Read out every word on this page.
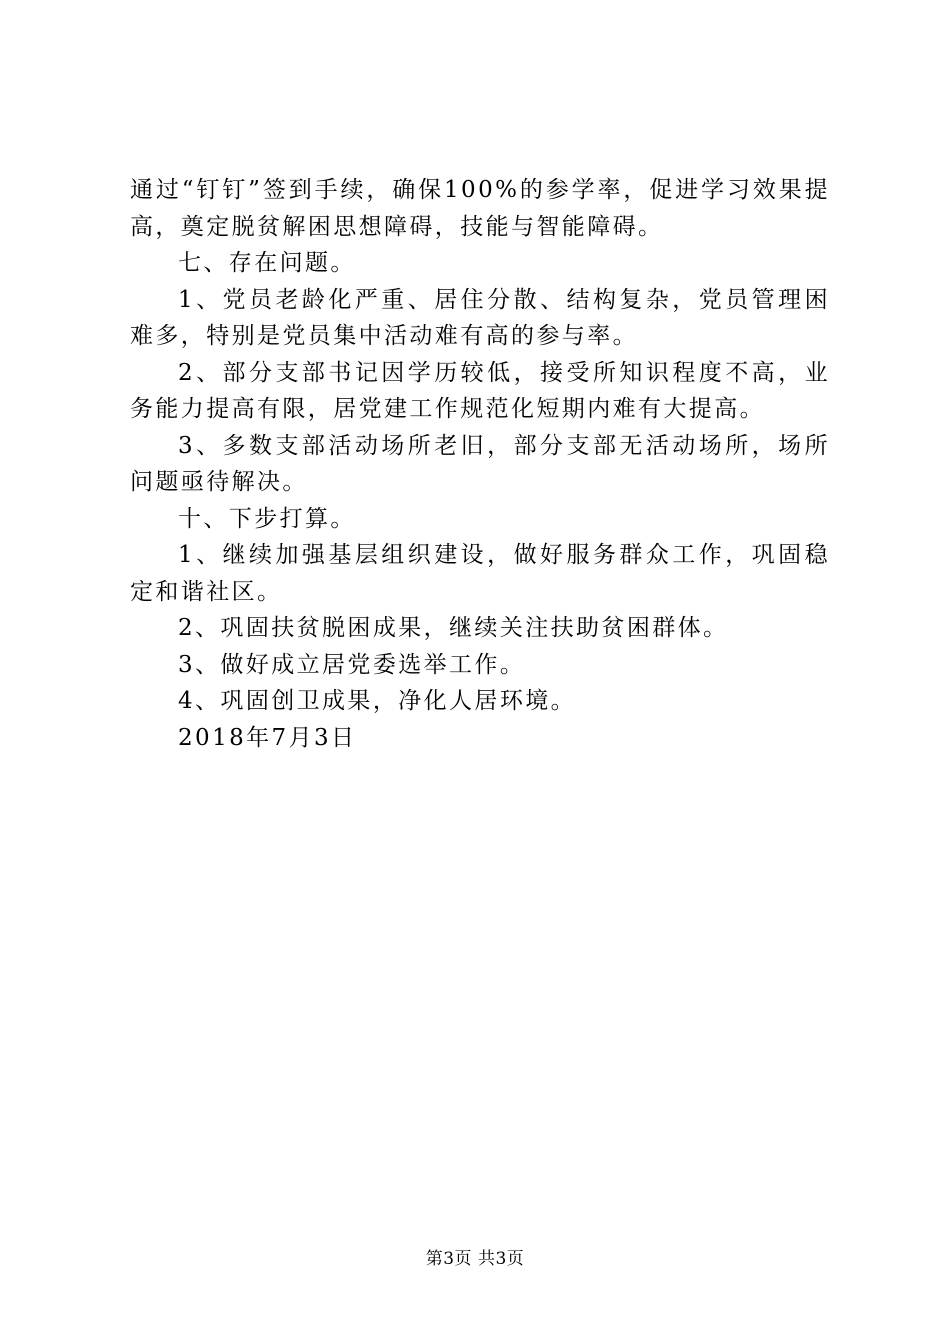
通过“钉钉”签到手续，确保100%的参学率，促进学习效果提高，奠定脱贫解困思想障碍，技能与智能障碍。

七、存在问题。

1、党员老龄化严重、居住分散、结构复杂，党员管理困难多，特别是党员集中活动难有高的参与率。

2、部分支部书记因学历较低，接受所知识程度不高，业务能力提高有限，居党建工作规范化短期内难有大提高。

3、多数支部活动场所老旧，部分支部无活动场所，场所问题亟待解决。

十、下步打算。

1、继续加强基层组织建设，做好服务群众工作，巩固稳定和谐社区。

2、巩固扶贫脱困成果，继续关注扶助贫困群体。

3、做好成立居党委选举工作。

4、巩固创卫成果，净化人居环境。

2018年7月3日

第3页 共3页
